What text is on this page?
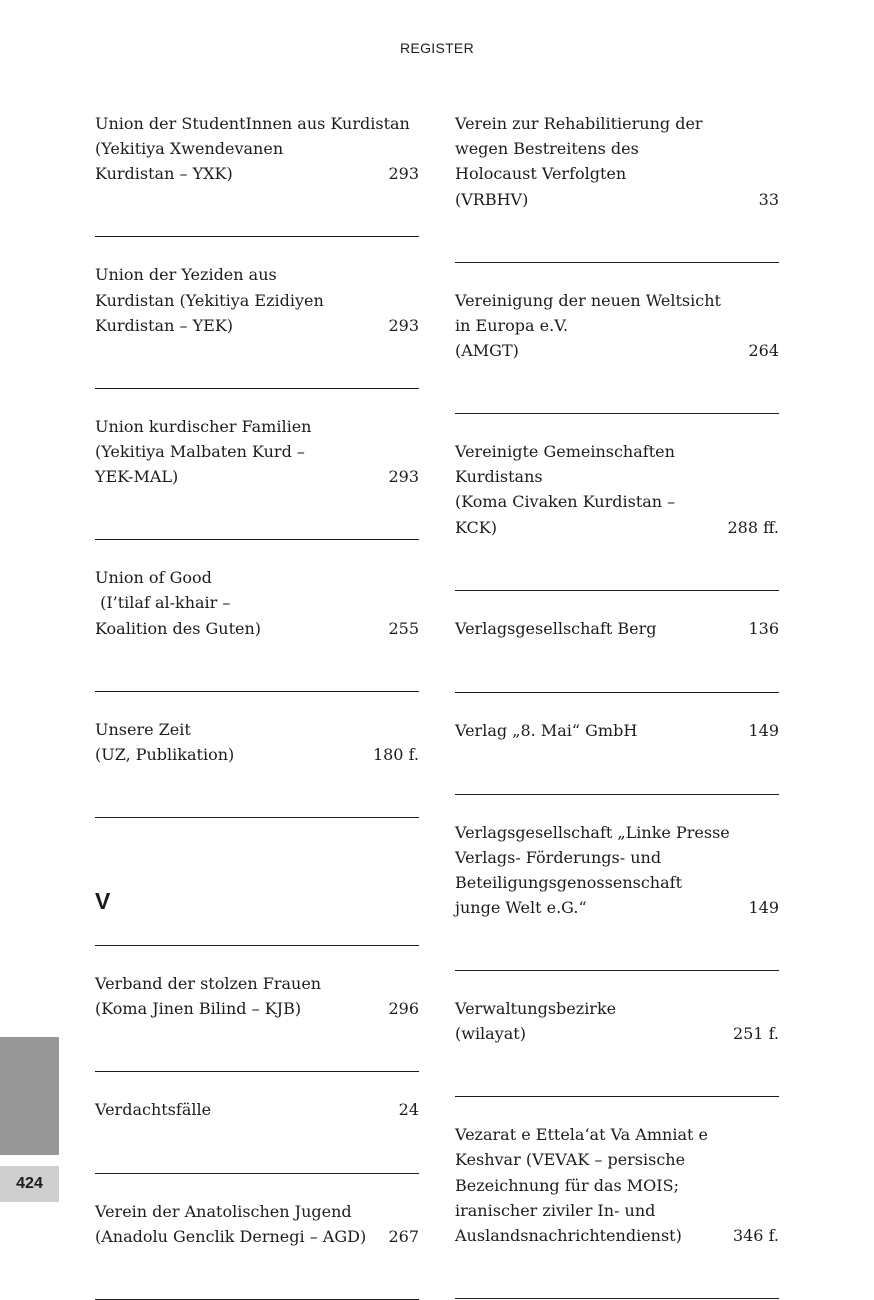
REGISTER
Union der StudentInnen aus Kurdistan
(Yekitiya Xwendevanen
Kurdistan – YXK)	293
Union der Yeziden aus
Kurdistan (Yekitiya Ezidiyen
Kurdistan – YEK)	293
Union kurdischer Familien
(Yekitiya Malbaten Kurd –
YEK-MAL)	293
Union of Good
(I’tilaf al-khair –
Koalition des Guten)	255
Unsere Zeit
(UZ, Publikation)	180 f.
V
Verband der stolzen Frauen
(Koma Jinen Bilind – KJB)	296
Verdachtsfälle	24
Verein der Anatolischen Jugend
(Anadolu Genclik Dernegi – AGD) 267
Verein zur Rehabilitierung der
wegen Bestreitens des
Holocaust Verfolgten
(VRBHV)	33
Vereinigung der neuen Weltsicht
in Europa e.V.
(AMGT)	264
Vereinigte Gemeinschaften
Kurdistans
(Koma Civaken Kurdistan –
KCK)	288 ff.
Verlagsgesellschaft Berg	136
Verlag „8. Mai“ GmbH	149
Verlagsgesellschaft „Linke Presse
Verlags- Förderungs- und
Beteiligungsgenossenschaft
junge Welt e.G.“	149
Verwaltungsbezirke
(wilayat)	251 f.
Vezarat e Ettela‘at Va Amniat e
Keshvar (VEVAK – persische
Bezeichnung für das MOIS;
iranischer ziviler In- und
Auslandsnachrichtendienst)	346 f.
424
